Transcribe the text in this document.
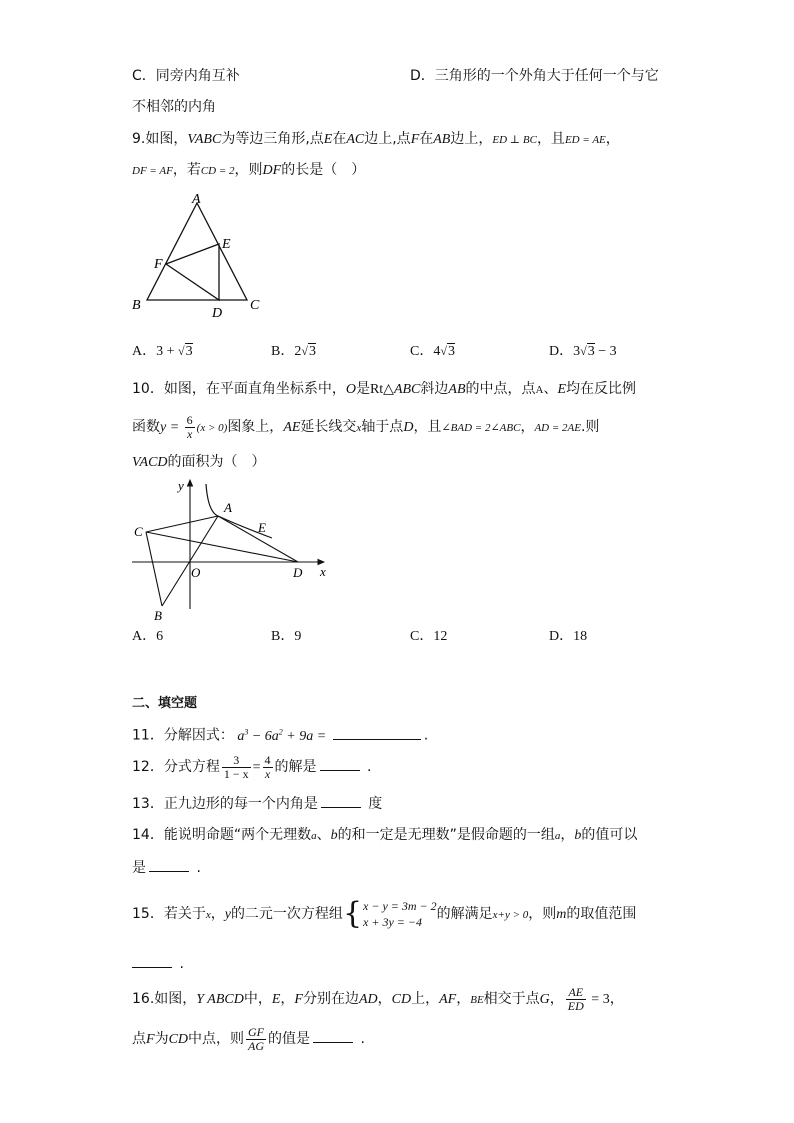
C．同旁内角互补	D．三角形的一个外角大于任何一个与它
不相邻的内角
9.如图，VABC为等边三角形,点E在AC边上,点F在AB边上，ED ⊥ BC，且ED = AE，
DF = AF，若CD = 2，则DF的长是（　）
A
B	C
D
E
F
A．3 + √3	B．2√3	C．4√3	D．3√3 − 3
10．如图，在平面直角坐标系中，O是Rt△ABC斜边AB的中点，点A、E均在反比例
函数$y = \frac{6}{x} (x > 0)$图象上，AE延长线交x轴于点D，且∠BAD = 2∠ABC，AD = 2AE.则
VACD的面积为（　）
y
x
A
E
C
O	D
B
A．6	B．9	C．12	D．18
二、填空题
11．分解因式： $a^3 - 6a^2 + 9a$ =	.
12．分式方程 $\frac{3}{1 - x} = \frac{4}{x}$ 的解是	.
13．正九边形的每一个内角是	度
14．能说明命题“两个无理数a、b的和一定是无理数”是假命题的一组a，b的值可以
是	.
15．若关于x，y的二元一次方程组{ x − y = 3m − 2
x + 3y = −4	的解满足x+y > 0，则m的取值范围
.
16.如图，Y ABCD中，E，F分别在边AD，CD上，AF，BE相交于点G， $\frac{AE}{ED} = 3$，
点F为CD中点，则 $\frac{GF}{AG}$ 的值是	.
